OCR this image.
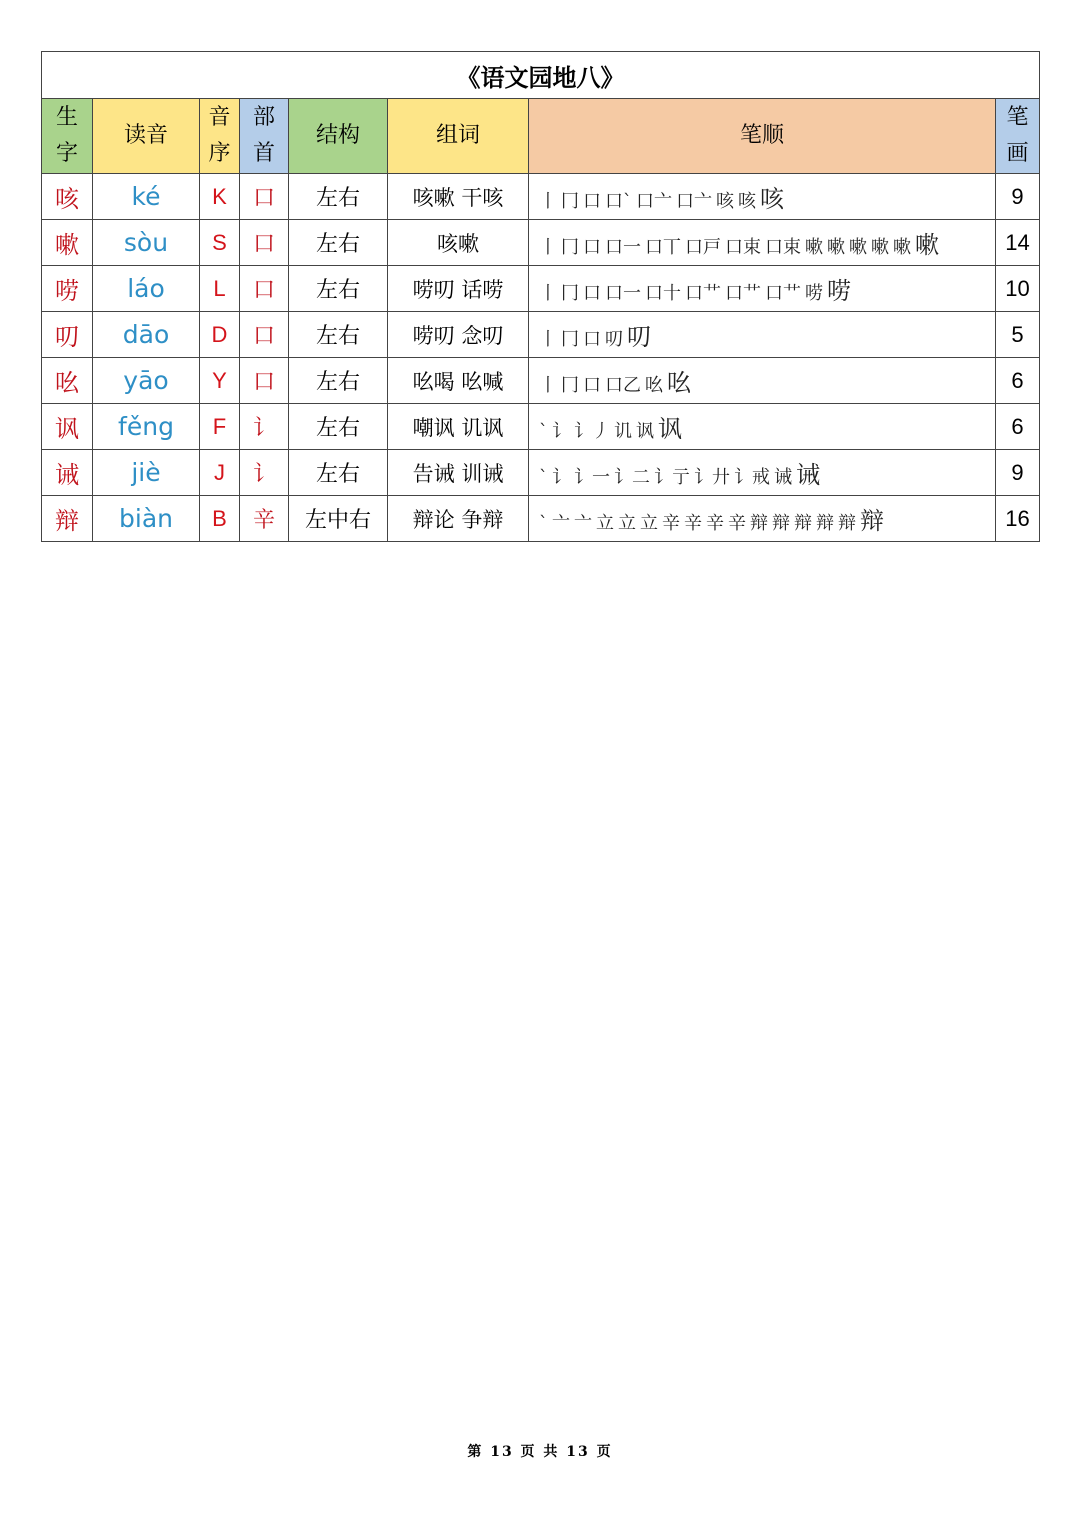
《语文园地八》							

生字	读音	音序	部首	结构	组词	笔顺	笔画

咳	ké	K	口	左右	咳嗽 干咳	丨 冂 口 口` 口亠 口亠 咳 咳 咳	9
嗽	sòu	S	口	左右	咳嗽	丨 冂 口 口一 口丅 口戸 口束 口束 嗽 嗽 嗽 嗽 嗽 嗽	14
唠	láo	L	口	左右	唠叨 话唠	丨 冂 口 口一 口十 口艹 口艹 口艹 唠 唠	10
叨	dāo	D	口	左右	唠叨 念叨	丨 冂 口 叨 叨	5
吆	yāo	Y	口	左右	吆喝 吆喊	丨 冂 口 口乙 吆 吆	6
讽	fěng	F	讠	左右	嘲讽 讥讽	` 讠 讠丿 讥 讽 讽	6
诫	jiè	J	讠	左右	告诫 训诫	` 讠 讠一 讠二 讠亍 讠廾 讠戒 诫 诫	9
辩	biàn	B	辛	左中右	辩论 争辩	` 亠 亠 立 立 立 辛 辛 辛 辛 辩 辩 辩 辩 辩 辩	16
第 13 页 共 13 页
